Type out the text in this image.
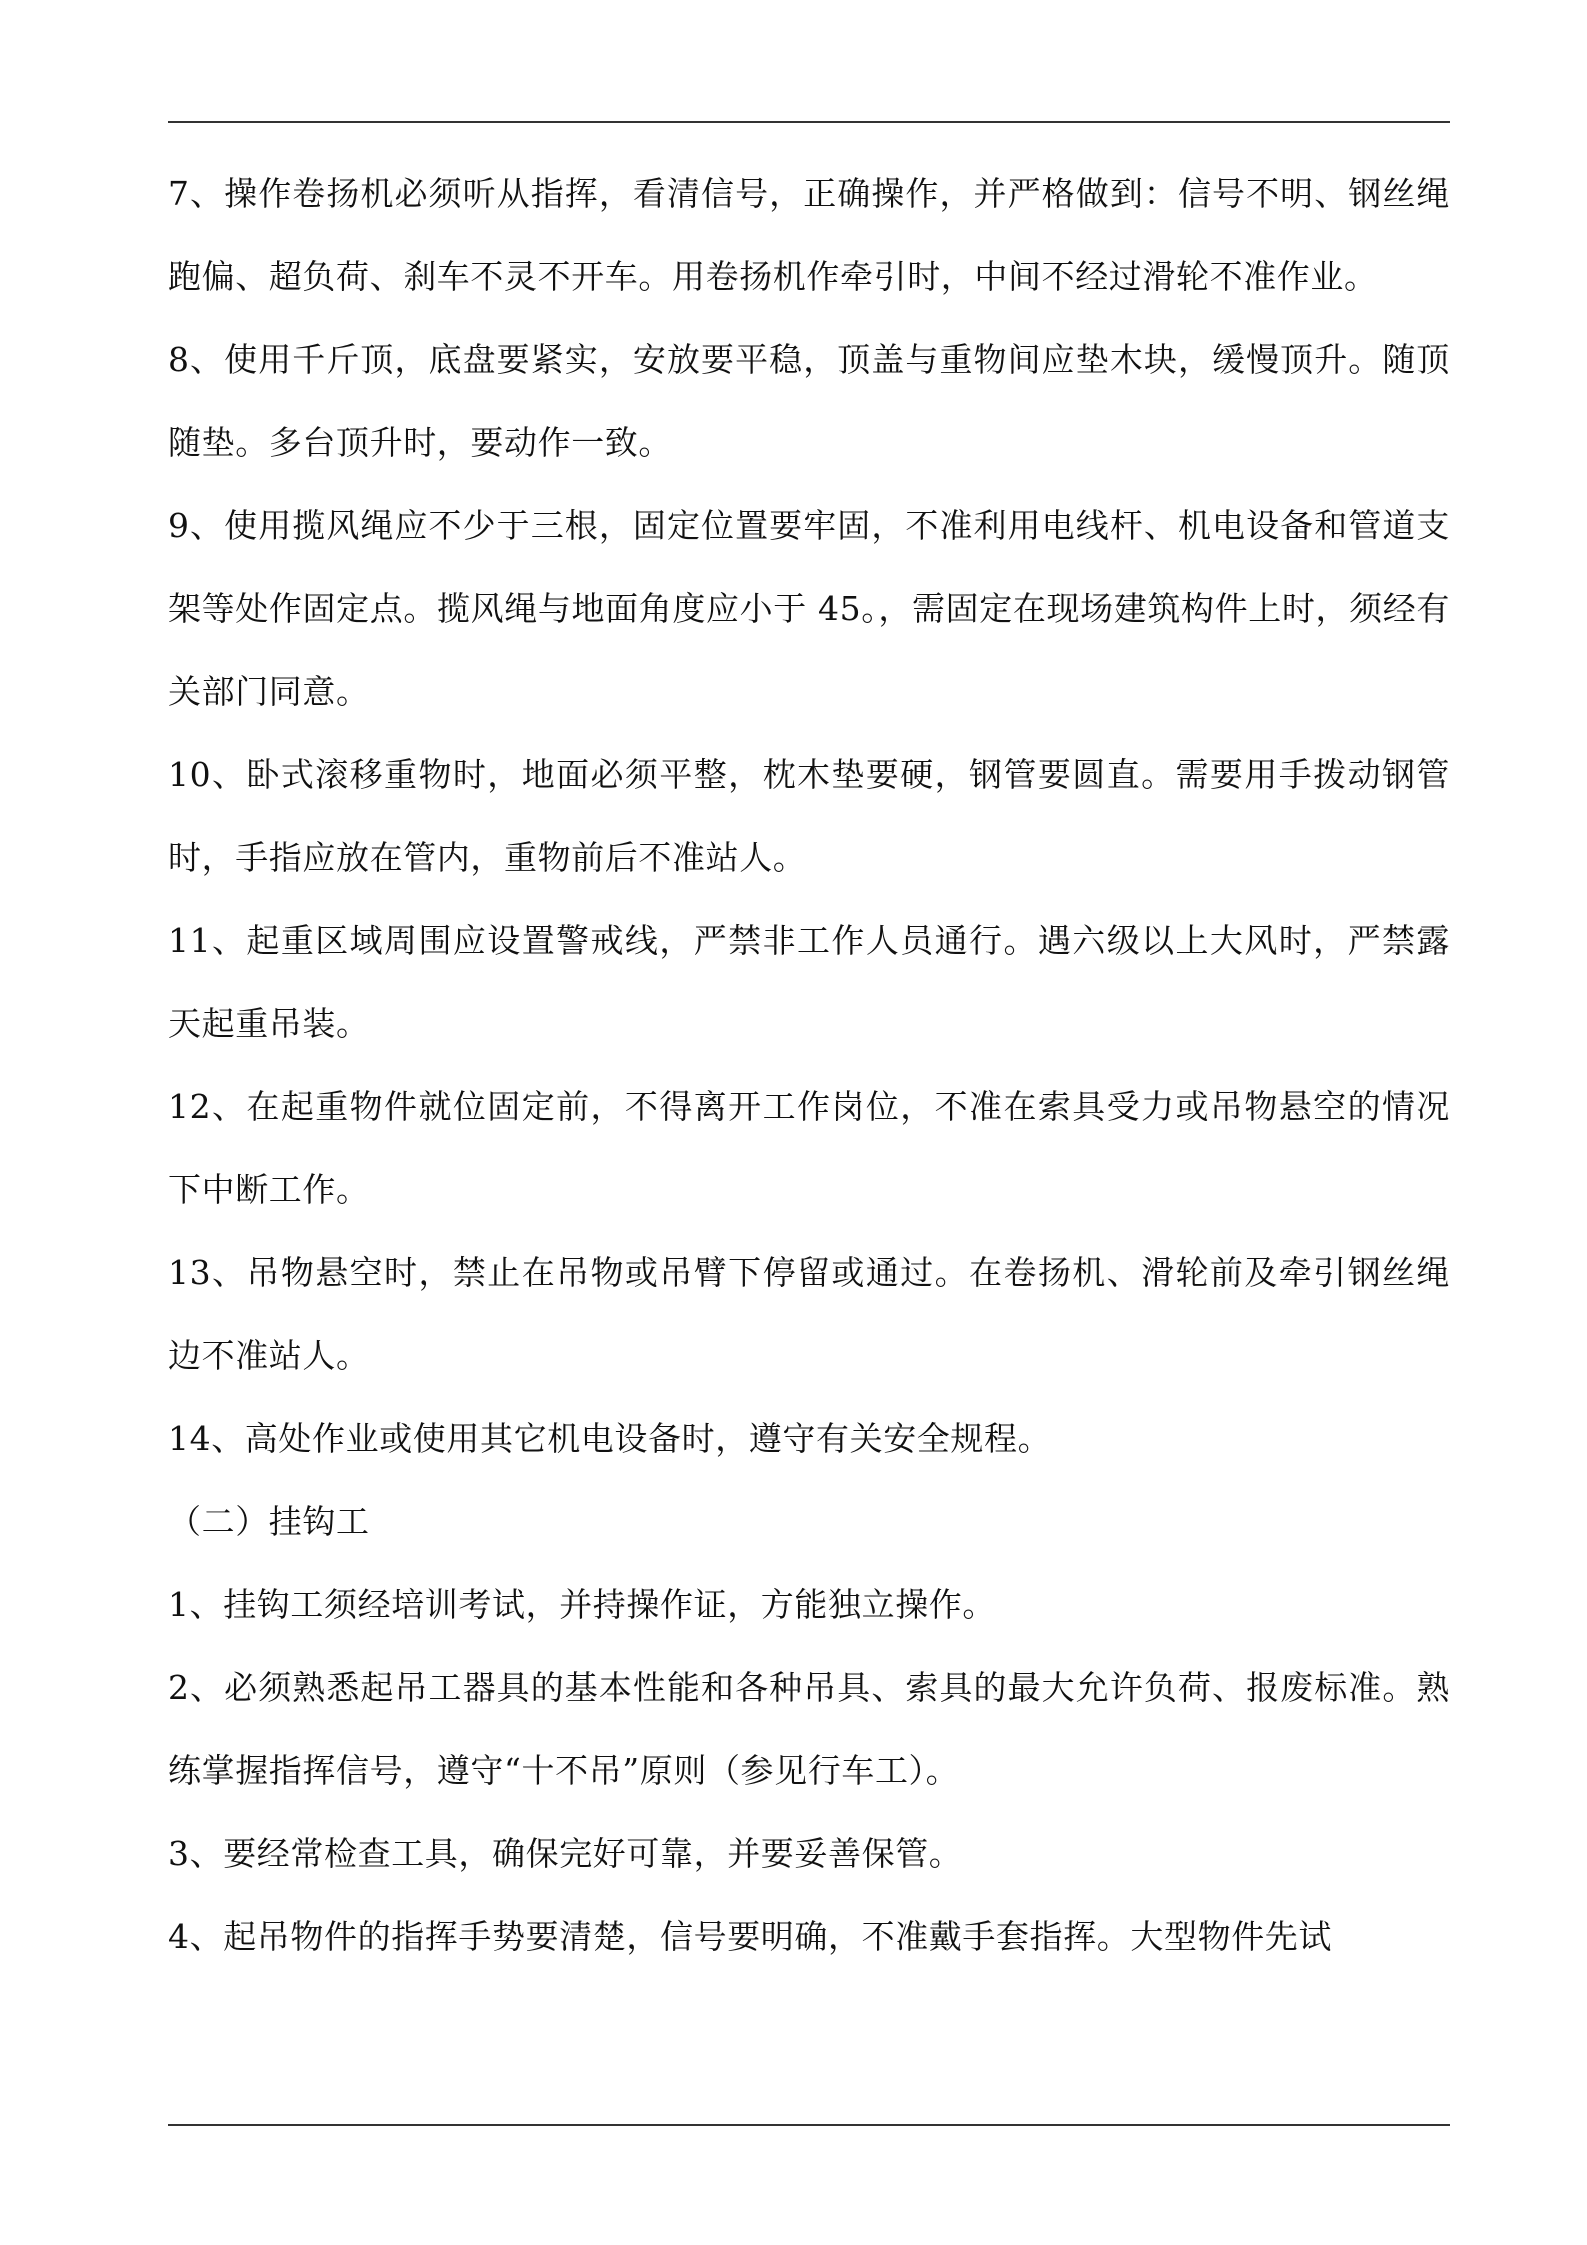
7、操作卷扬机必须听从指挥，看清信号，正确操作，并严格做到：信号不明、钢丝绳跑偏、超负荷、刹车不灵不开车。用卷扬机作牵引时，中间不经过滑轮不准作业。

8、使用千斤顶，底盘要紧实，安放要平稳，顶盖与重物间应垫木块，缓慢顶升。随顶随垫。多台顶升时，要动作一致。

9、使用揽风绳应不少于三根，固定位置要牢固，不准利用电线杆、机电设备和管道支架等处作固定点。揽风绳与地面角度应小于 45。，需固定在现场建筑构件上时，须经有关部门同意。

10、卧式滚移重物时，地面必须平整，枕木垫要硬，钢管要圆直。需要用手拨动钢管时，手指应放在管内，重物前后不准站人。

11、起重区域周围应设置警戒线，严禁非工作人员通行。遇六级以上大风时，严禁露天起重吊装。

12、在起重物件就位固定前，不得离开工作岗位，不准在索具受力或吊物悬空的情况下中断工作。

13、吊物悬空时，禁止在吊物或吊臂下停留或通过。在卷扬机、滑轮前及牵引钢丝绳边不准站人。

14、高处作业或使用其它机电设备时，遵守有关安全规程。

（二）挂钩工

1、挂钩工须经培训考试，并持操作证，方能独立操作。

2、必须熟悉起吊工器具的基本性能和各种吊具、索具的最大允许负荷、报废标准。熟练掌握指挥信号，遵守“十不吊”原则（参见行车工）。

3、要经常检查工具，确保完好可靠，并要妥善保管。

4、起吊物件的指挥手势要清楚，信号要明确，不准戴手套指挥。大型物件先试
